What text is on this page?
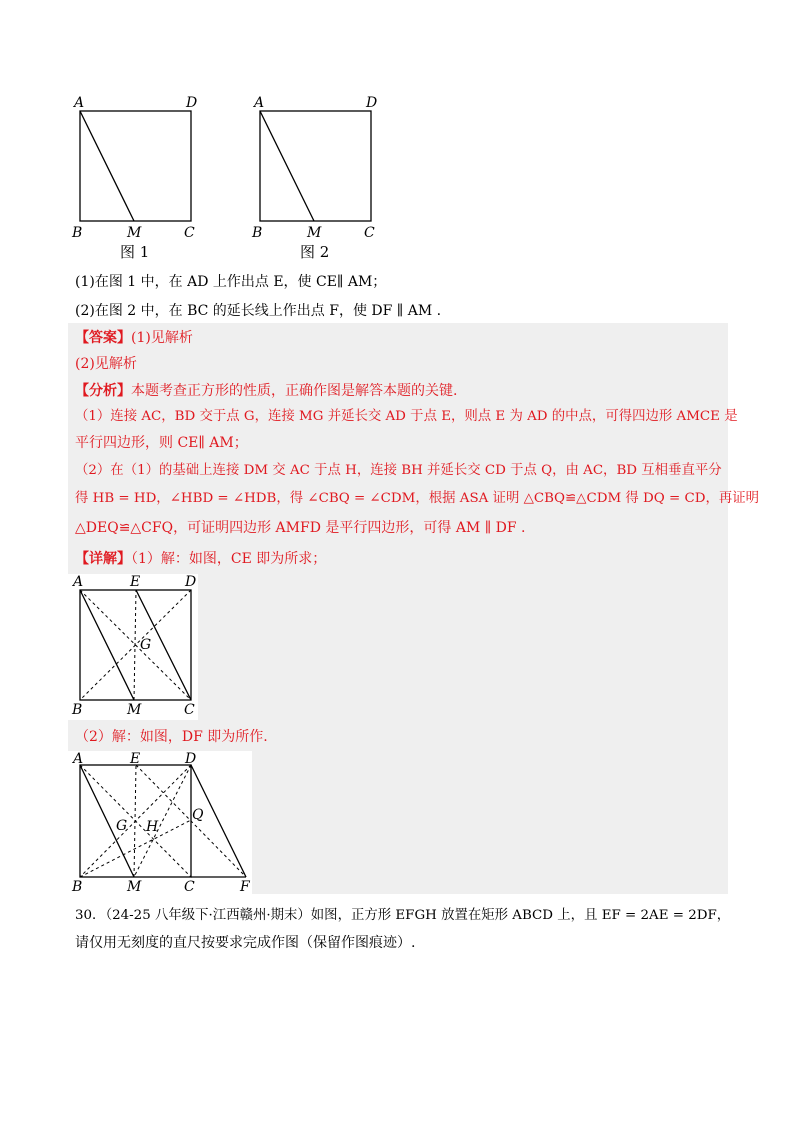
A	D
B	M	C
图 1
A	D
B	M	C
图 2
(1)在图 1 中，在 AD 上作出点 E，使 CE∥ AM；
(2)在图 2 中，在 BC 的延长线上作出点 F，使 DF ∥ AM .
【答案】(1)见解析
(2)见解析
【分析】本题考查正方形的性质，正确作图是解答本题的关键.
（1）连接 AC，BD 交于点 G，连接 MG 并延长交 AD 于点 E，则点 E 为 AD 的中点，可得四边形 AMCE 是
平行四边形，则 CE∥ AM；
（2）在（1）的基础上连接 DM 交 AC 于点 H，连接 BH 并延长交 CD 于点 Q，由 AC，BD 互相垂直平分
得 HB = HD，∠HBD = ∠HDB，得 ∠CBQ = ∠CDM，根据 ASA 证明 △CBQ≌△CDM 得 DQ = CD，再证明
△DEQ≌△CFQ，可证明四边形 AMFD 是平行四边形，可得 AM ∥ DF .
【详解】（1）解：如图，CE 即为所求；
A	E	D
G
B	M	C
（2）解：如图，DF 即为所作.
A	E	D
G H
Q
B	M	C	F
30．（24-25 八年级下·江西赣州·期末）如图，正方形 EFGH 放置在矩形 ABCD 上，且 EF = 2AE = 2DF，
请仅用无刻度的直尺按要求完成作图（保留作图痕迹）.
